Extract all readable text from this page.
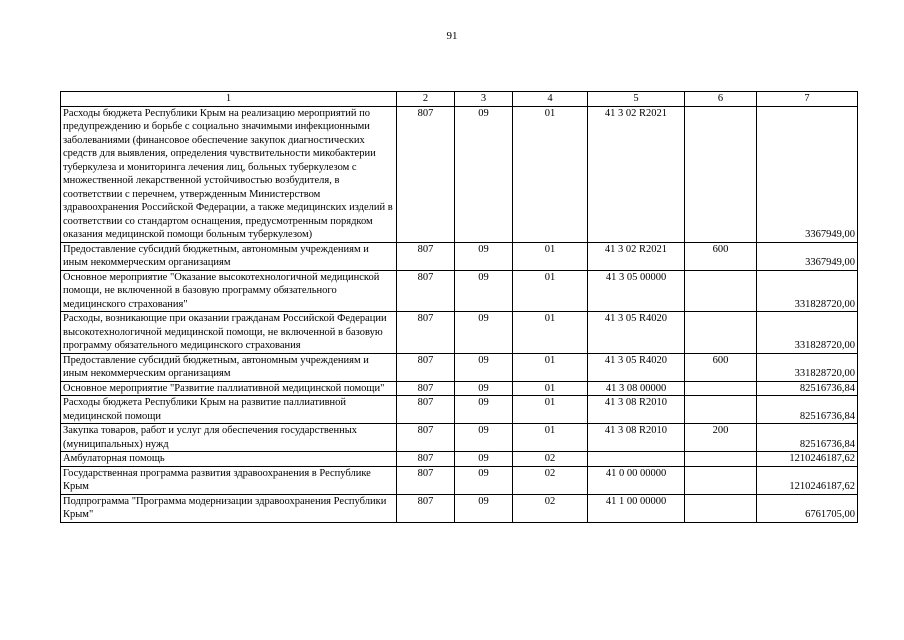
91
1	2	3	4	5	6	7
Расходы бюджета Республики Крым на реализацию мероприятий по предупреждению и борьбе с социально значимыми инфекционными заболеваниями (финансовое обеспечение закупок диагностических средств для выявления, определения чувствительности микобактерии туберкулеза и мониторинга лечения лиц, больных туберкулезом с множественной лекарственной устойчивостью возбудителя, в соответствии с перечнем, утвержденным Министерством здравоохранения Российской Федерации, а также медицинских изделий в соответствии со стандартом оснащения, предусмотренным порядком оказания медицинской помощи больным туберкулезом)	807	09	01	41 3 02 R2021		3367949,00
Предоставление субсидий бюджетным, автономным учреждениям и иным некоммерческим организациям	807	09	01	41 3 02 R2021	600	3367949,00
Основное мероприятие "Оказание высокотехнологичной медицинской помощи, не включенной в базовую программу обязательного медицинского страхования"	807	09	01	41 3 05 00000		331828720,00
Расходы, возникающие при оказании гражданам Российской Федерации высокотехнологичной медицинской помощи, не включенной в базовую программу обязательного медицинского страхования	807	09	01	41 3 05 R4020		331828720,00
Предоставление субсидий бюджетным, автономным учреждениям и иным некоммерческим организациям	807	09	01	41 3 05 R4020	600	331828720,00
Основное мероприятие "Развитие паллиативной медицинской помощи"	807	09	01	41 3 08 00000		82516736,84
Расходы бюджета Республики Крым на развитие паллиативной медицинской помощи	807	09	01	41 3 08 R2010		82516736,84
Закупка товаров, работ и услуг для обеспечения государственных (муниципальных) нужд	807	09	01	41 3 08 R2010	200	82516736,84
Амбулаторная помощь	807	09	02			1210246187,62
Государственная программа развития здравоохранения в Республике Крым	807	09	02	41 0 00 00000		1210246187,62
Подпрограмма "Программа модернизации здравоохранения Республики Крым"	807	09	02	41 1 00 00000		6761705,00
